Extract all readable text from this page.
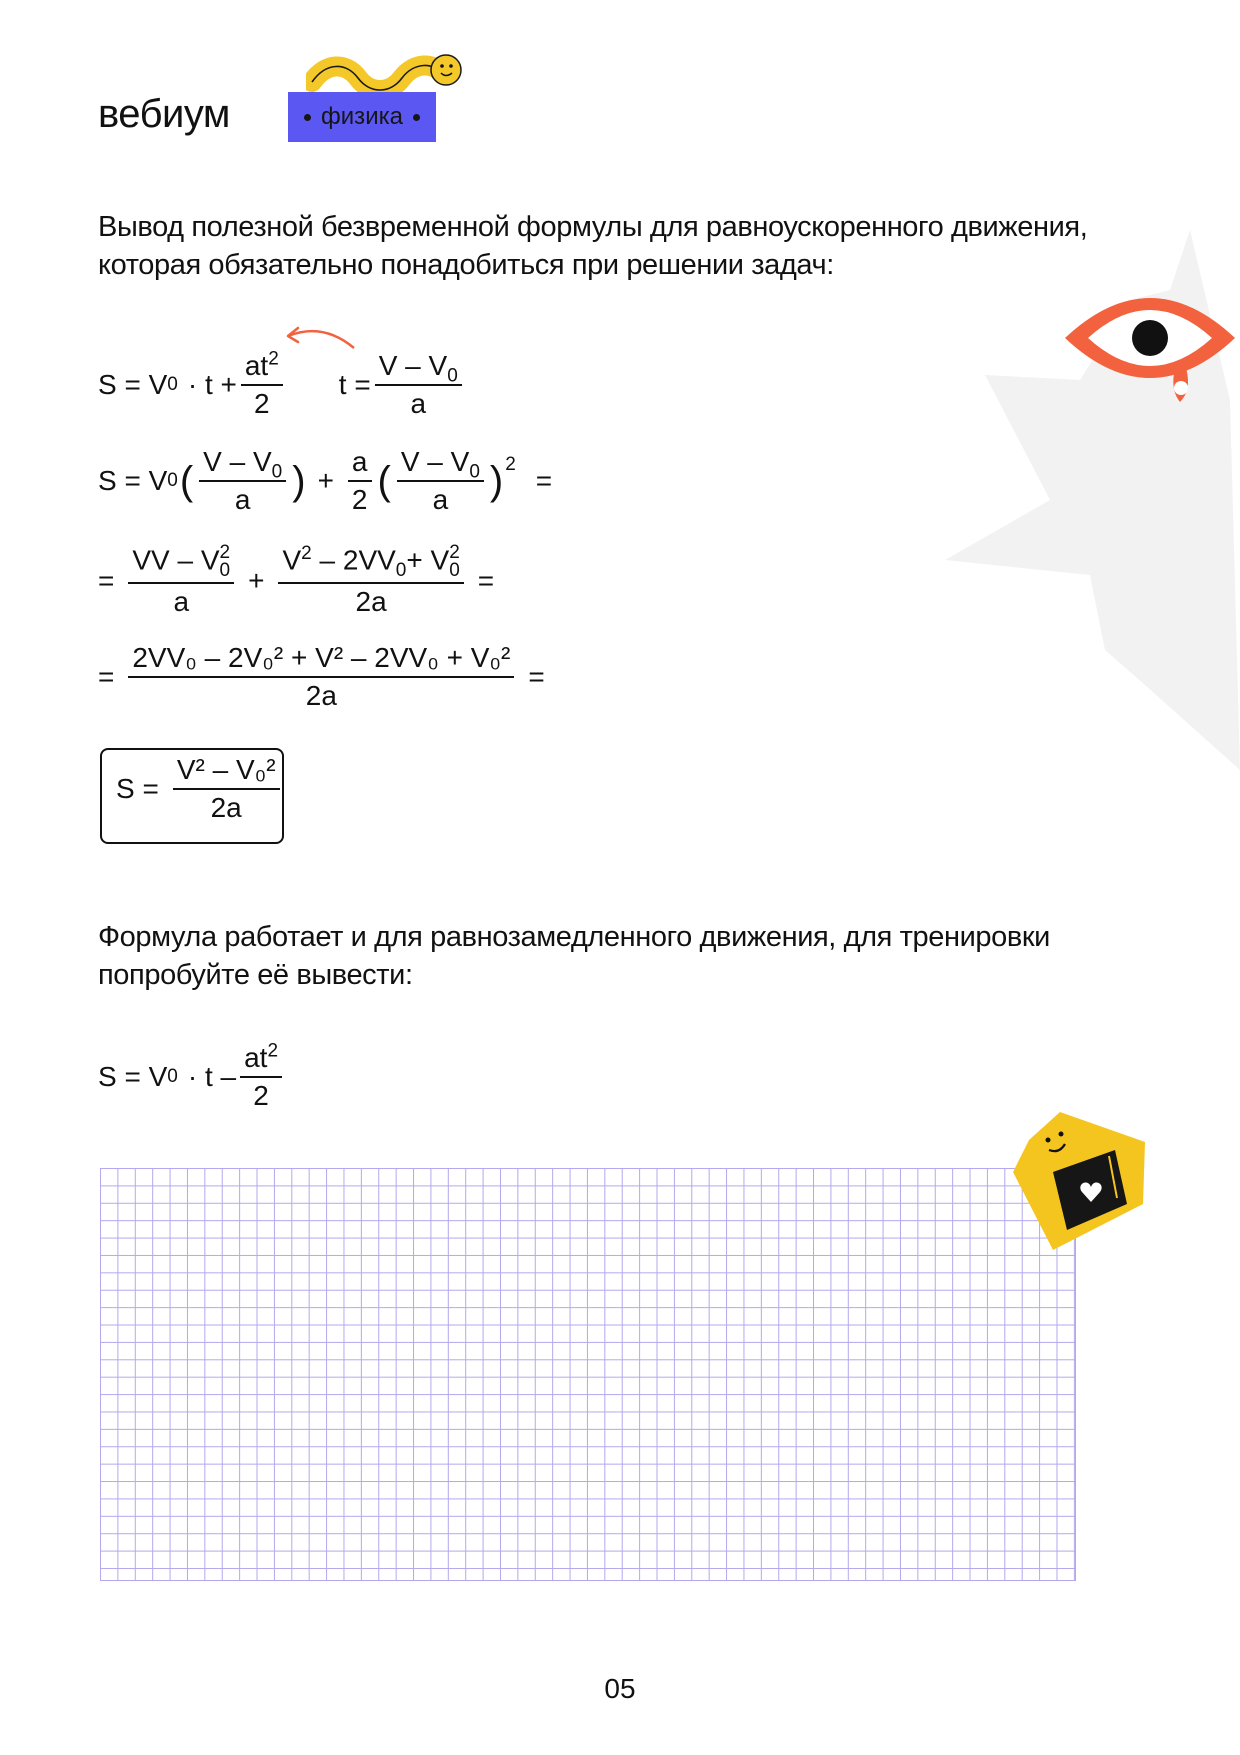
вебиум	физика
Вывод полезной безвременной формулы для равноускоренного движения, которая обязательно понадобиться при решении задач:
S = V $0 \cdot t + \frac{at^2}{2}$ $t = \frac{V - V_0}{a}$
S = V 0 ( $\frac{V - V_0}{a}$ ) + $\frac{a}{2}$ ( $\frac{V - V_0}{a} )^2$
=
= VV – V 2
0
$a + V^2 - 2VV_0+ V$ 2
0
2a =
= $\frac{\text{2VV₀ – 2V₀² + V² – 2VV₀ + V₀²}}{2a}$ =
$S = \frac{\text{V² – V₀²}}{2a}$
Формула работает и для равнозамедленного движения, для тренировки попробуйте её вывести:
S = V $0 \cdot t - \frac{at^2}{2}$
05
